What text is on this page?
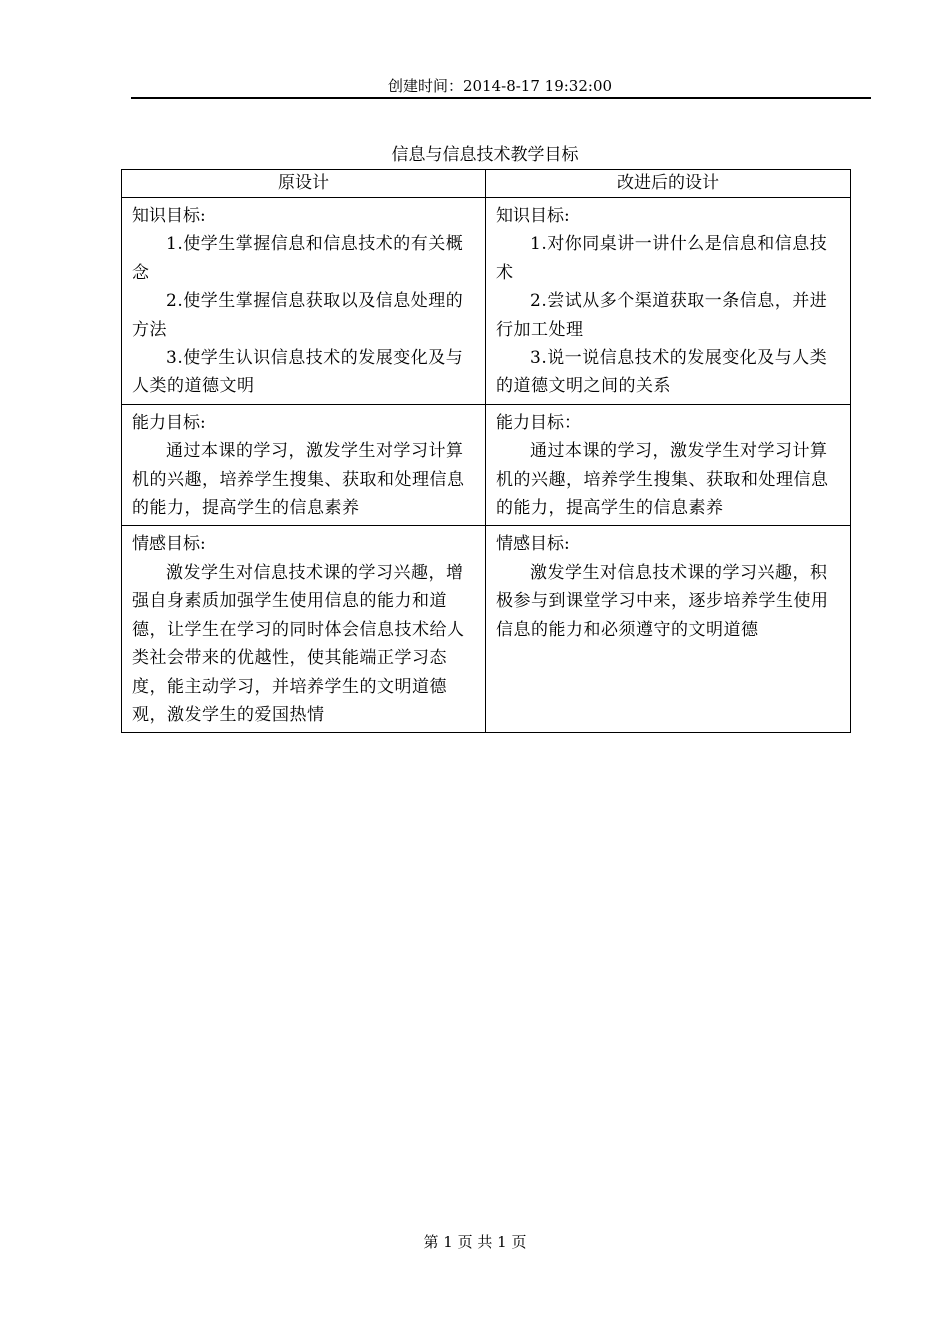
创建时间：2014-8-17 19:32:00
信息与信息技术教学目标
原设计	改进后的设计

知识目标:
1.使学生掌握信息和信息技术的有关概念
2.使学生掌握信息获取以及信息处理的方法
3.使学生认识信息技术的发展变化及与人类的道德文明	知识目标:
1.对你同桌讲一讲什么是信息和信息技术
2.尝试从多个渠道获取一条信息，并进行加工处理
3.说一说信息技术的发展变化及与人类的道德文明之间的关系

能力目标:
通过本课的学习，激发学生对学习计算机的兴趣，培养学生搜集、获取和处理信息的能力，提高学生的信息素养	能力目标：
通过本课的学习，激发学生对学习计算机的兴趣，培养学生搜集、获取和处理信息的能力，提高学生的信息素养

情感目标:
激发学生对信息技术课的学习兴趣，增强自身素质加强学生使用信息的能力和道德，让学生在学习的同时体会信息技术给人类社会带来的优越性，使其能端正学习态度，能主动学习，并培养学生的文明道德观，激发学生的爱国热情	情感目标:
激发学生对信息技术课的学习兴趣，积极参与到课堂学习中来，逐步培养学生使用信息的能力和必须遵守的文明道德
第 1 页 共 1 页
